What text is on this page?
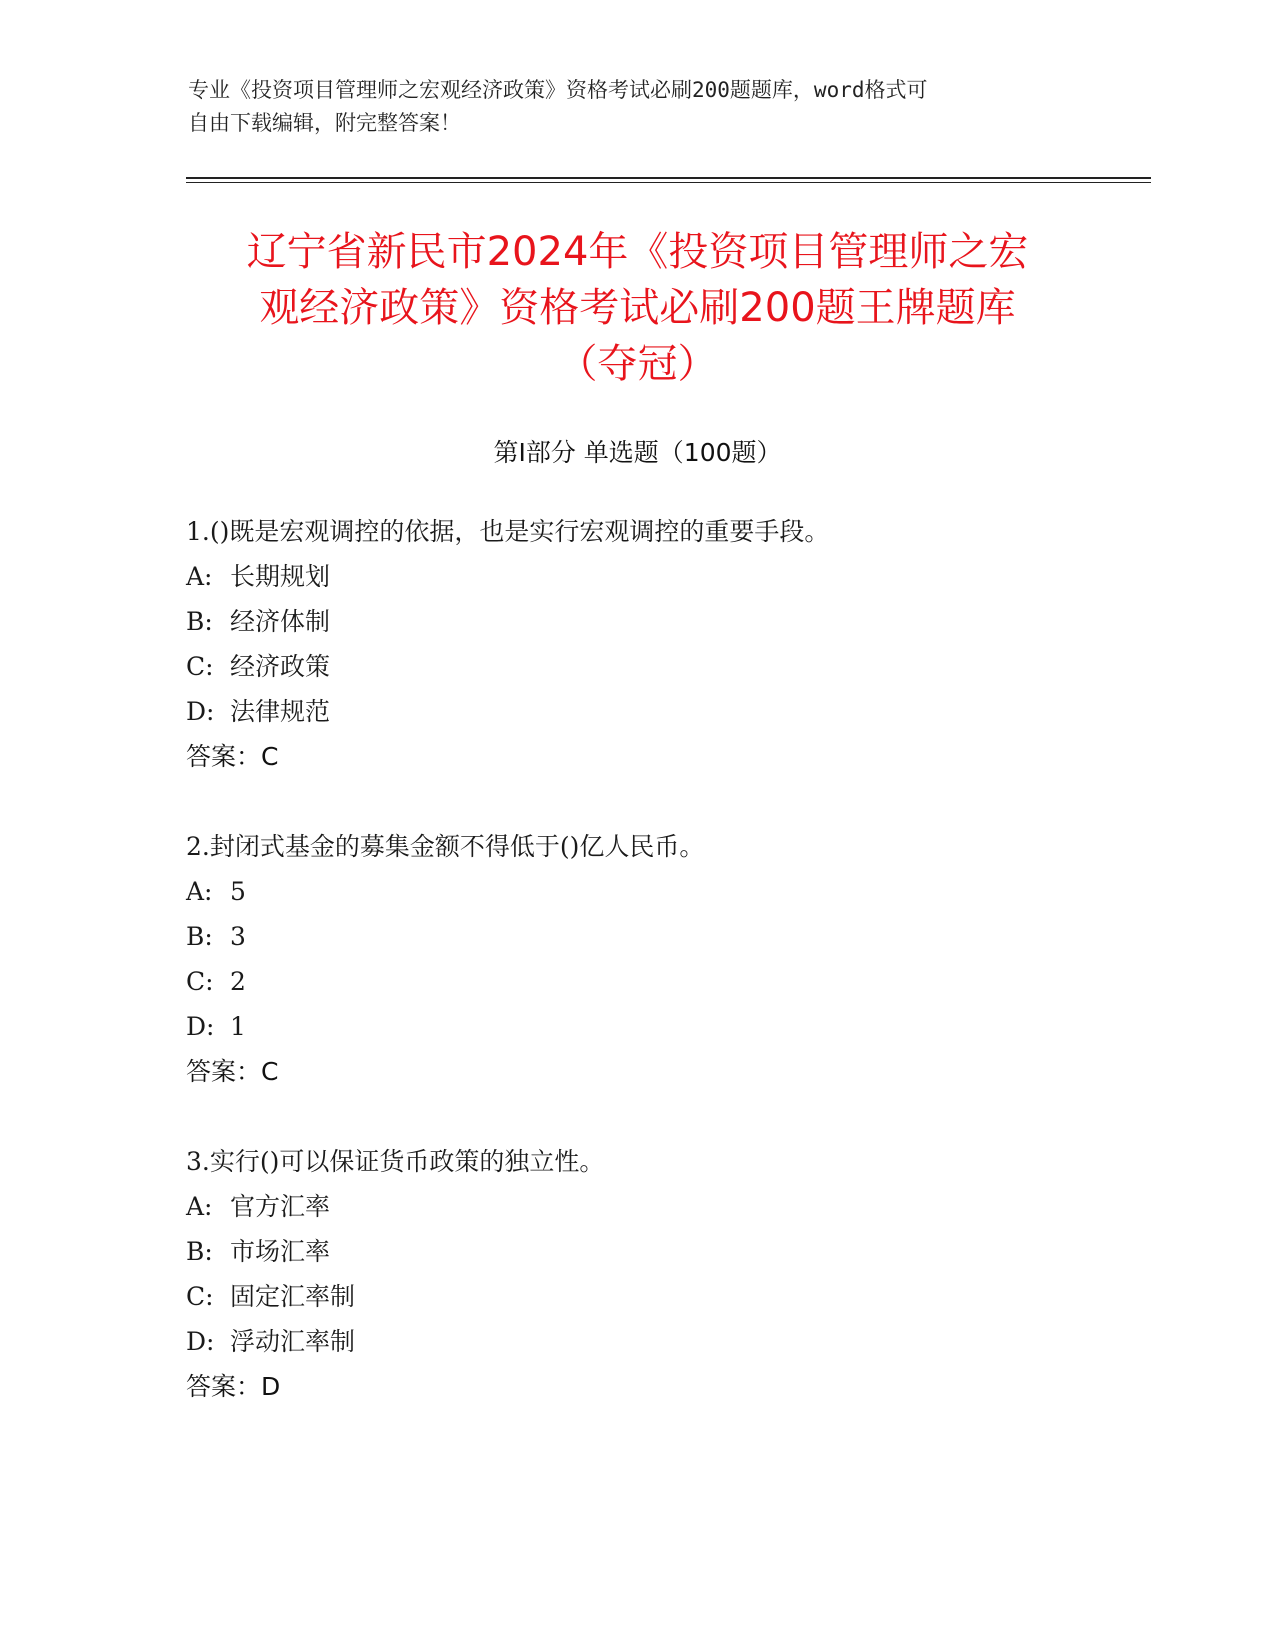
专业《投资项目管理师之宏观经济政策》资格考试必刷200题题库，word格式可
自由下载编辑，附完整答案！
辽宁省新民市2024年《投资项目管理师之宏
观经济政策》资格考试必刷200题王牌题库
（夺冠）
第Ⅰ部分 单选题（100题）
1.()既是宏观调控的依据，也是实行宏观调控的重要手段。
A: 长期规划
B: 经济体制
C: 经济政策
D: 法律规范
答案：C
2.封闭式基金的募集金额不得低于()亿人民币。
A: 5
B: 3
C: 2
D: 1
答案：C
3.实行()可以保证货币政策的独立性。
A: 官方汇率
B: 市场汇率
C: 固定汇率制
D: 浮动汇率制
答案：D
